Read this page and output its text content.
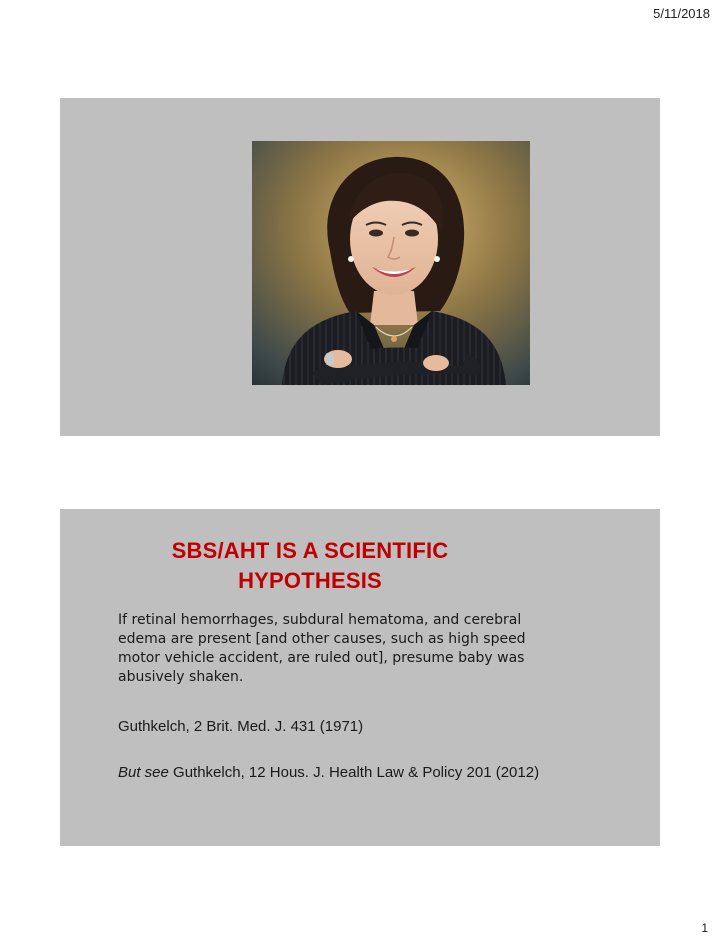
5/11/2018
SBS/AHT IS A SCIENTIFIC
HYPOTHESIS

If retinal hemorrhages, subdural hematoma, and cerebral edema are present [and other causes, such as high speed motor vehicle accident, are ruled out], presume baby was abusively shaken.

Guthkelch, 2 Brit. Med. J. 431 (1971)

But see Guthkelch, 12 Hous. J. Health Law & Policy 201 (2012)

1
